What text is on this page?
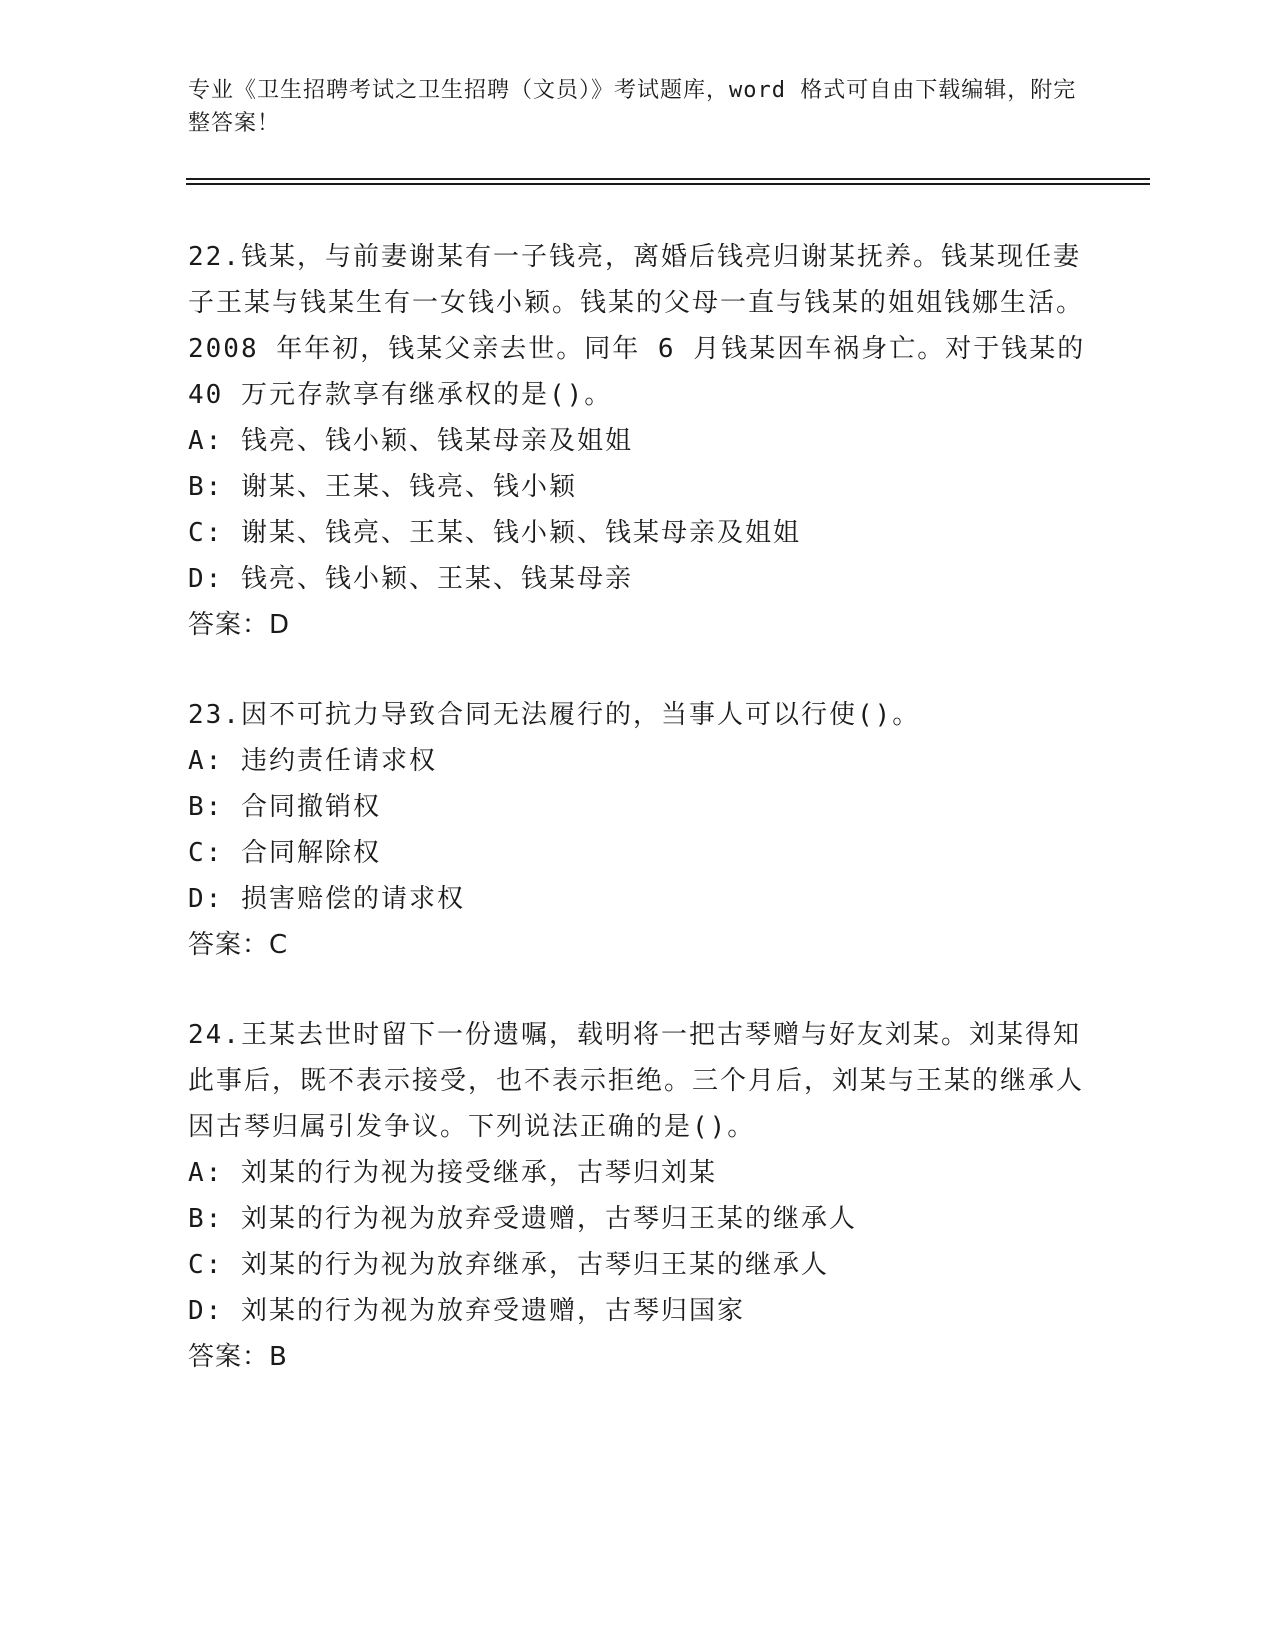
专业《卫生招聘考试之卫生招聘（文员）》考试题库，word 格式可自由下载编辑，附完整答案！
22.钱某，与前妻谢某有一子钱亮，离婚后钱亮归谢某抚养。钱某现任妻子王某与钱某生有一女钱小颖。钱某的父母一直与钱某的姐姐钱娜生活。2008 年年初，钱某父亲去世。同年 6 月钱某因车祸身亡。对于钱某的 40 万元存款享有继承权的是()。
A: 钱亮、钱小颖、钱某母亲及姐姐
B: 谢某、王某、钱亮、钱小颖
C: 谢某、钱亮、王某、钱小颖、钱某母亲及姐姐
D: 钱亮、钱小颖、王某、钱某母亲
答案：D
23.因不可抗力导致合同无法履行的，当事人可以行使()。
A: 违约责任请求权
B: 合同撤销权
C: 合同解除权
D: 损害赔偿的请求权
答案：C
24.王某去世时留下一份遗嘱，载明将一把古琴赠与好友刘某。刘某得知此事后，既不表示接受，也不表示拒绝。三个月后，刘某与王某的继承人因古琴归属引发争议。下列说法正确的是()。
A: 刘某的行为视为接受继承，古琴归刘某
B: 刘某的行为视为放弃受遗赠，古琴归王某的继承人
C: 刘某的行为视为放弃继承，古琴归王某的继承人
D: 刘某的行为视为放弃受遗赠，古琴归国家
答案：B
